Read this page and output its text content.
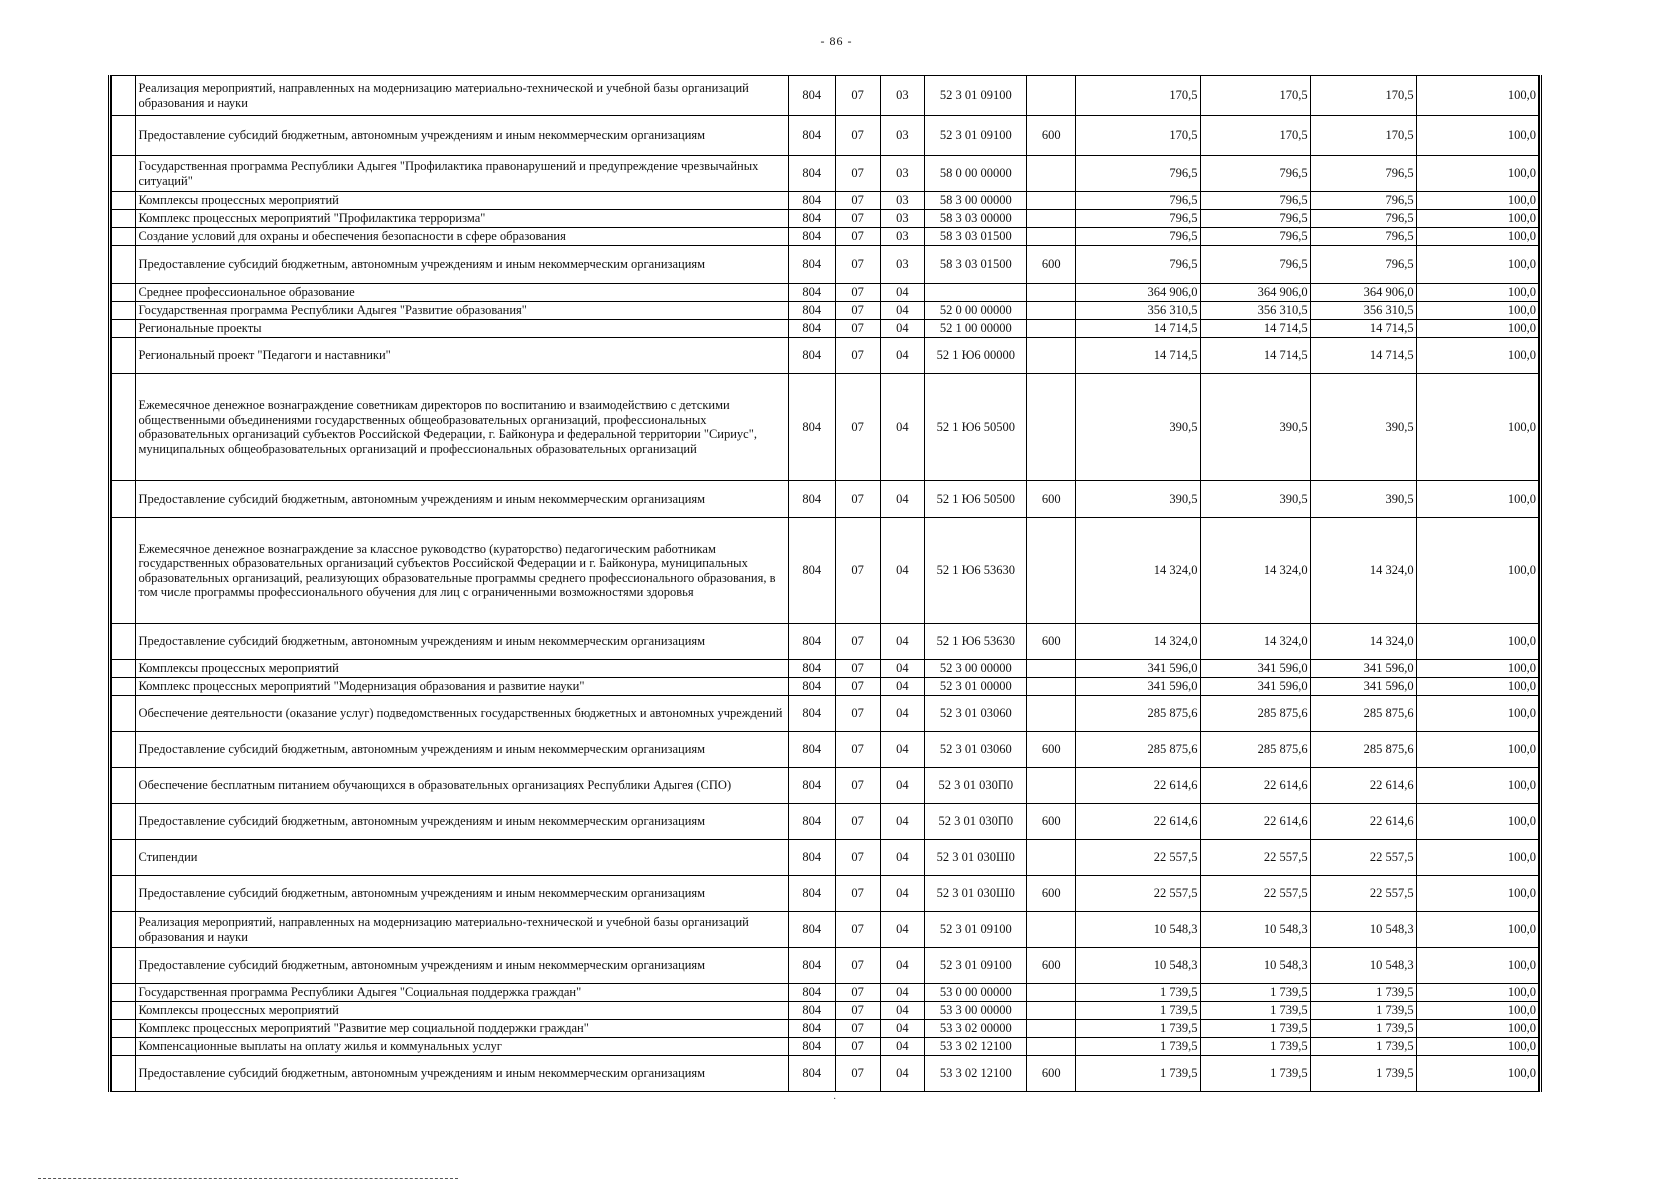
- 86 -
	Реализация мероприятий, направленных на модернизацию материально-технической и учебной базы организаций образования и науки	804	07	03	52 3 01 09100		170,5	170,5	170,5	100,0
	Предоставление субсидий бюджетным, автономным учреждениям и иным некоммерческим организациям	804	07	03	52 3 01 09100	600	170,5	170,5	170,5	100,0
	Государственная программа Республики Адыгея "Профилактика правонарушений и предупреждение чрезвычайных ситуаций"	804	07	03	58 0 00 00000		796,5	796,5	796,5	100,0
	Комплексы процессных мероприятий	804	07	03	58 3 00 00000		796,5	796,5	796,5	100,0
	Комплекс процессных мероприятий "Профилактика терроризма"	804	07	03	58 3 03 00000		796,5	796,5	796,5	100,0
	Создание условий для охраны и обеспечения безопасности в сфере образования	804	07	03	58 3 03 01500		796,5	796,5	796,5	100,0
	Предоставление субсидий бюджетным, автономным учреждениям и иным некоммерческим организациям	804	07	03	58 3 03 01500	600	796,5	796,5	796,5	100,0
	Среднее профессиональное образование	804	07	04			364 906,0	364 906,0	364 906,0	100,0
	Государственная программа Республики Адыгея "Развитие образования"	804	07	04	52 0 00 00000		356 310,5	356 310,5	356 310,5	100,0
	Региональные проекты	804	07	04	52 1 00 00000		14 714,5	14 714,5	14 714,5	100,0
	Региональный проект "Педагоги и наставники"	804	07	04	52 1 Ю6 00000		14 714,5	14 714,5	14 714,5	100,0
	Ежемесячное денежное вознаграждение советникам директоров по воспитанию и взаимодействию с детскими общественными объединениями государственных общеобразовательных организаций, профессиональных образовательных организаций субъектов Российской Федерации, г. Байконура и федеральной территории "Сириус", муниципальных общеобразовательных организаций и профессиональных образовательных организаций	804	07	04	52 1 Ю6 50500		390,5	390,5	390,5	100,0
	Предоставление субсидий бюджетным, автономным учреждениям и иным некоммерческим организациям	804	07	04	52 1 Ю6 50500	600	390,5	390,5	390,5	100,0
	Ежемесячное денежное вознаграждение за классное руководство (кураторство) педагогическим работникам государственных образовательных организаций субъектов Российской Федерации и г. Байконура, муниципальных образовательных организаций, реализующих образовательные программы среднего профессионального образования, в том числе программы профессионального обучения для лиц с ограниченными возможностями здоровья	804	07	04	52 1 Ю6 53630		14 324,0	14 324,0	14 324,0	100,0
	Предоставление субсидий бюджетным, автономным учреждениям и иным некоммерческим организациям	804	07	04	52 1 Ю6 53630	600	14 324,0	14 324,0	14 324,0	100,0
	Комплексы процессных мероприятий	804	07	04	52 3 00 00000		341 596,0	341 596,0	341 596,0	100,0
	Комплекс процессных мероприятий "Модернизация образования и развитие науки"	804	07	04	52 3 01 00000		341 596,0	341 596,0	341 596,0	100,0
	Обеспечение деятельности (оказание услуг) подведомственных государственных бюджетных и автономных учреждений	804	07	04	52 3 01 03060		285 875,6	285 875,6	285 875,6	100,0
	Предоставление субсидий бюджетным, автономным учреждениям и иным некоммерческим организациям	804	07	04	52 3 01 03060	600	285 875,6	285 875,6	285 875,6	100,0
	Обеспечение бесплатным питанием обучающихся в образовательных организациях Республики Адыгея (СПО)	804	07	04	52 3 01 030П0		22 614,6	22 614,6	22 614,6	100,0
	Предоставление субсидий бюджетным, автономным учреждениям и иным некоммерческим организациям	804	07	04	52 3 01 030П0	600	22 614,6	22 614,6	22 614,6	100,0
	Стипендии	804	07	04	52 3 01 030Ш0		22 557,5	22 557,5	22 557,5	100,0
	Предоставление субсидий бюджетным, автономным учреждениям и иным некоммерческим организациям	804	07	04	52 3 01 030Ш0	600	22 557,5	22 557,5	22 557,5	100,0
	Реализация мероприятий, направленных на модернизацию материально-технической и учебной базы организаций образования и науки	804	07	04	52 3 01 09100		10 548,3	10 548,3	10 548,3	100,0
	Предоставление субсидий бюджетным, автономным учреждениям и иным некоммерческим организациям	804	07	04	52 3 01 09100	600	10 548,3	10 548,3	10 548,3	100,0
	Государственная программа Республики Адыгея "Социальная поддержка граждан"	804	07	04	53 0 00 00000		1 739,5	1 739,5	1 739,5	100,0
	Комплексы процессных мероприятий	804	07	04	53 3 00 00000		1 739,5	1 739,5	1 739,5	100,0
	Комплекс процессных мероприятий "Развитие мер социальной поддержки граждан"	804	07	04	53 3 02 00000		1 739,5	1 739,5	1 739,5	100,0
	Компенсационные выплаты на оплату жилья и коммунальных услуг	804	07	04	53 3 02 12100		1 739,5	1 739,5	1 739,5	100,0
	Предоставление субсидий бюджетным, автономным учреждениям и иным некоммерческим организациям	804	07	04	53 3 02 12100	600	1 739,5	1 739,5	1 739,5	100,0
·
